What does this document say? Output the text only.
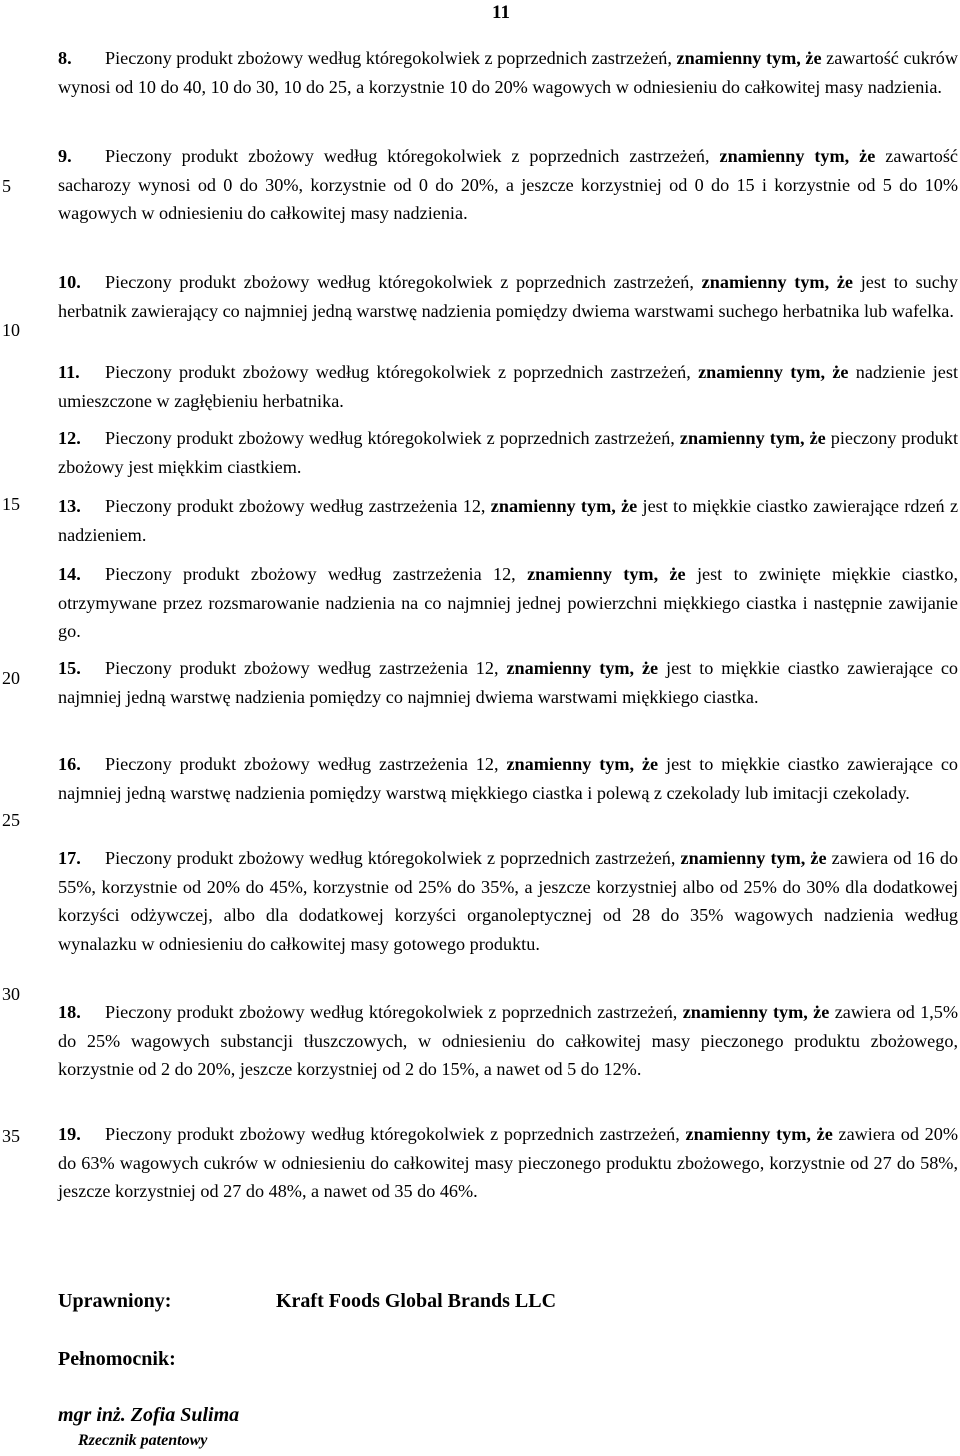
11
5
10
15
20
25
30
35
8. Pieczony produkt zbożowy według któregokolwiek z poprzednich zastrzeżeń, znamienny tym, że zawartość cukrów wynosi od 10 do 40, 10 do 30, 10 do 25, a korzystnie 10 do 20% wagowych w odniesieniu do całkowitej masy nadzienia.
9. Pieczony produkt zbożowy według któregokolwiek z poprzednich zastrzeżeń, znamienny tym, że zawartość sacharozy wynosi od 0 do 30%, korzystnie od 0 do 20%, a jeszcze korzystniej od 0 do 15 i korzystnie od 5 do 10% wagowych w odniesieniu do całkowitej masy nadzienia.
10. Pieczony produkt zbożowy według któregokolwiek z poprzednich zastrzeżeń, znamienny tym, że jest to suchy herbatnik zawierający co najmniej jedną warstwę nadzienia pomiędzy dwiema warstwami suchego herbatnika lub wafelka.
11. Pieczony produkt zbożowy według któregokolwiek z poprzednich zastrzeżeń, znamienny tym, że nadzienie jest umieszczone w zagłębieniu herbatnika.
12. Pieczony produkt zbożowy według któregokolwiek z poprzednich zastrzeżeń, znamienny tym, że pieczony produkt zbożowy jest miękkim ciastkiem.
13. Pieczony produkt zbożowy według zastrzeżenia 12, znamienny tym, że jest to miękkie ciastko zawierające rdzeń z nadzieniem.
14. Pieczony produkt zbożowy według zastrzeżenia 12, znamienny tym, że jest to zwinięte miękkie ciastko, otrzymywane przez rozsmarowanie nadzienia na co najmniej jednej powierzchni miękkiego ciastka i następnie zawijanie go.
15. Pieczony produkt zbożowy według zastrzeżenia 12, znamienny tym, że jest to miękkie ciastko zawierające co najmniej jedną warstwę nadzienia pomiędzy co najmniej dwiema warstwami miękkiego ciastka.
16. Pieczony produkt zbożowy według zastrzeżenia 12, znamienny tym, że jest to miękkie ciastko zawierające co najmniej jedną warstwę nadzienia pomiędzy warstwą miękkiego ciastka i polewą z czekolady lub imitacji czekolady.
17. Pieczony produkt zbożowy według któregokolwiek z poprzednich zastrzeżeń, znamienny tym, że zawiera od 16 do 55%, korzystnie od 20% do 45%, korzystnie od 25% do 35%, a jeszcze korzystniej albo od 25% do 30% dla dodatkowej korzyści odżywczej, albo dla dodatkowej korzyści organoleptycznej od 28 do 35% wagowych nadzienia według wynalazku w odniesieniu do całkowitej masy gotowego produktu.
18. Pieczony produkt zbożowy według któregokolwiek z poprzednich zastrzeżeń, znamienny tym, że zawiera od 1,5% do 25% wagowych substancji tłuszczowych, w odniesieniu do całkowitej masy pieczonego produktu zbożowego, korzystnie od 2 do 20%, jeszcze korzystniej od 2 do 15%, a nawet od 5 do 12%.
19. Pieczony produkt zbożowy według któregokolwiek z poprzednich zastrzeżeń, znamienny tym, że zawiera od 20% do 63% wagowych cukrów w odniesieniu do całkowitej masy pieczonego produktu zbożowego, korzystnie od 27 do 58%, jeszcze korzystniej od 27 do 48%, a nawet od 35 do 46%.
Uprawniony:	Kraft Foods Global Brands LLC
Pełnomocnik:
mgr inż. Zofia Sulima
Rzecznik patentowy
